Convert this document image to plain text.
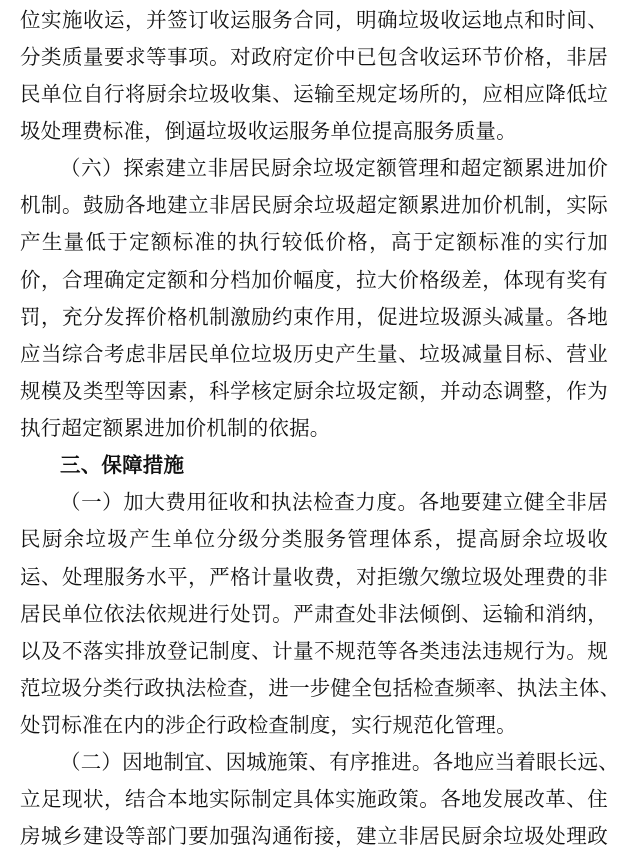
位实施收运，并签订收运服务合同，明确垃圾收运地点和时间、
分类质量要求等事项。对政府定价中已包含收运环节价格，非居
民单位自行将厨余垃圾收集、运输至规定场所的，应相应降低垃
圾处理费标准，倒逼垃圾收运服务单位提高服务质量。
（六）探索建立非居民厨余垃圾定额管理和超定额累进加价
机制。鼓励各地建立非居民厨余垃圾超定额累进加价机制，实际
产生量低于定额标准的执行较低价格，高于定额标准的实行加
价，合理确定定额和分档加价幅度，拉大价格级差，体现有奖有
罚，充分发挥价格机制激励约束作用，促进垃圾源头减量。各地
应当综合考虑非居民单位垃圾历史产生量、垃圾减量目标、营业
规模及类型等因素，科学核定厨余垃圾定额，并动态调整，作为
执行超定额累进加价机制的依据。
三、保障措施
（一）加大费用征收和执法检查力度。各地要建立健全非居
民厨余垃圾产生单位分级分类服务管理体系，提高厨余垃圾收
运、处理服务水平，严格计量收费，对拒缴欠缴垃圾处理费的非
居民单位依法依规进行处罚。严肃查处非法倾倒、运输和消纳，
以及不落实排放登记制度、计量不规范等各类违法违规行为。规
范垃圾分类行政执法检查，进一步健全包括检查频率、执法主体、
处罚标准在内的涉企行政检查制度，实行规范化管理。
（二）因地制宜、因城施策、有序推进。各地应当着眼长远、
立足现状，结合本地实际制定具体实施政策。各地发展改革、住
房城乡建设等部门要加强沟通衔接，建立非居民厨余垃圾处理政
